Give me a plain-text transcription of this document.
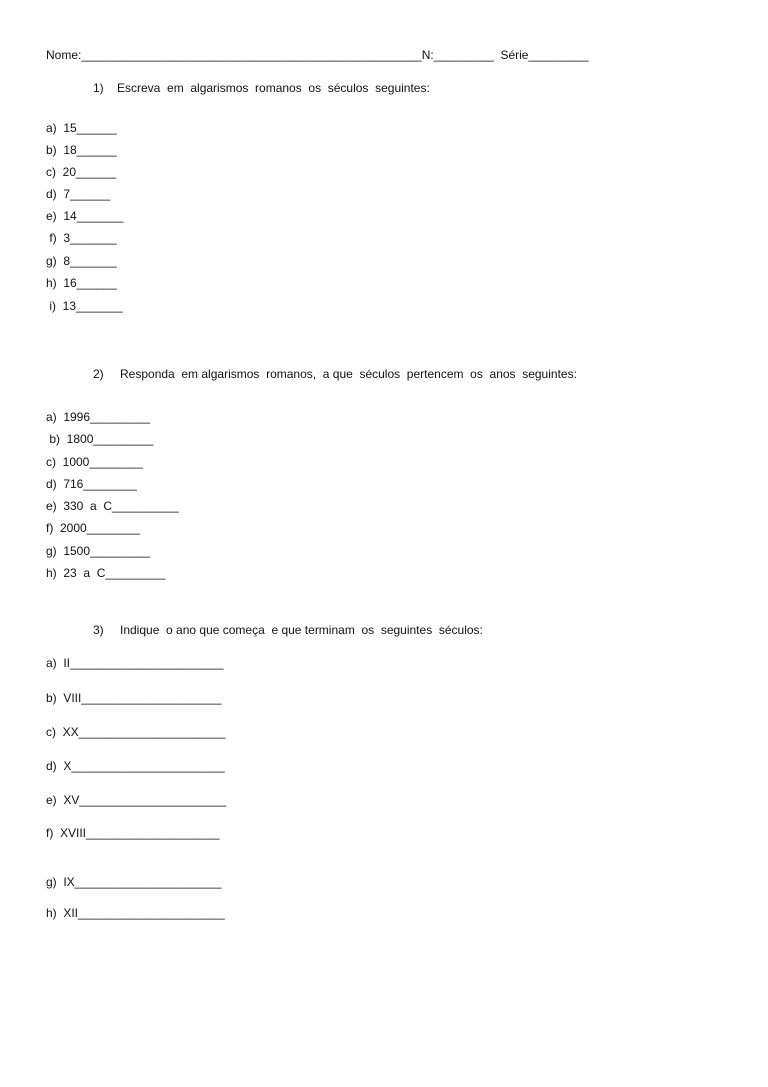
Nome:___________________________________________________N:_________  Série_________
1) Escreva  em  algarismos  romanos  os  séculos  seguintes:
a)  15______
b)  18______
c)  20______
d)  7______
e)  14_______
f)  3_______
g)  8_______
h)  16______
i)  13_______
2) Responda  em algarismos  romanos,  a que  séculos  pertencem  os  anos  seguintes:
a)  1996_________
b)  1800_________
c)  1000________
d)  716________
e)  330  a  C__________
f)  2000________
g)  1500_________
h)  23  a  C_________
3) Indique  o ano que começa  e que terminam  os  seguintes  séculos:
a)  II_______________________
b)  VIII_____________________
c)  XX______________________
d)  X_______________________
e)  XV______________________
f)  XVIII____________________
g)  IX______________________
h)  XII______________________
